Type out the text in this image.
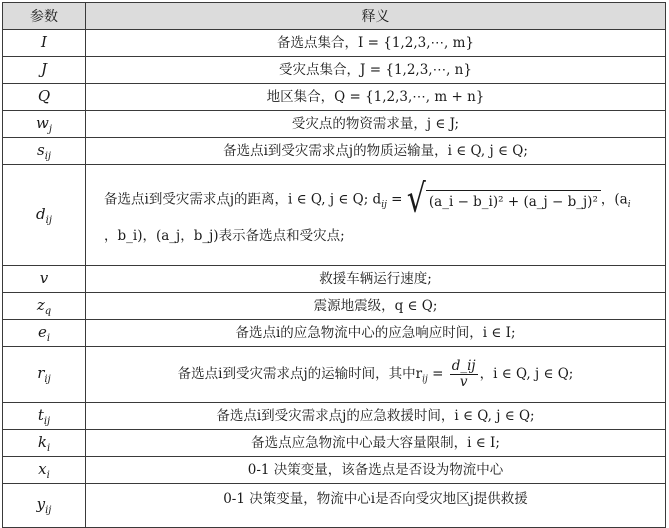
参数	释义
I	备选点集合，I = {1,2,3,⋯, m}
J	受灾点集合，J = {1,2,3,⋯, n}
Q	地区集合，Q = {1,2,3,⋯, m + n}
$w_j$	受灾点的物资需求量，j ∈ J;
$s_{ij}$	备选点i到受灾需求点j的物质运输量，i ∈ Q, j ∈ Q;
$d_{ij}$	备选点i到受灾需求点j的距离，i ∈ Q, j ∈ Q; $d_{ij}$ = √ (a_i − b_i)² + (a_j − b_j)² ，($a_i$
，b_i)，(a_j，b_j)表示备选点和受灾点;

v	救援车辆运行速度;
$z_q$	震源地震级，q ∈ Q;
$e_i$	备选点i的应急物流中心的应急响应时间，i ∈ I;
$r_{ij}$	备选点i到受灾需求点j的运输时间，其中$r_{ij} = \frac{d\_ij}{v}$ ，i ∈ Q, j ∈ Q;
$t_{ij}$	备选点i到受灾需求点j的应急救援时间，i ∈ Q, j ∈ Q;
$k_i$	备选点应急物流中心最大容量限制，i ∈ I;
$x_i$	0-1 决策变量，该备选点是否设为物流中心
$y_{ij}$	0-1 决策变量，物流中心i是否向受灾地区j提供救援
